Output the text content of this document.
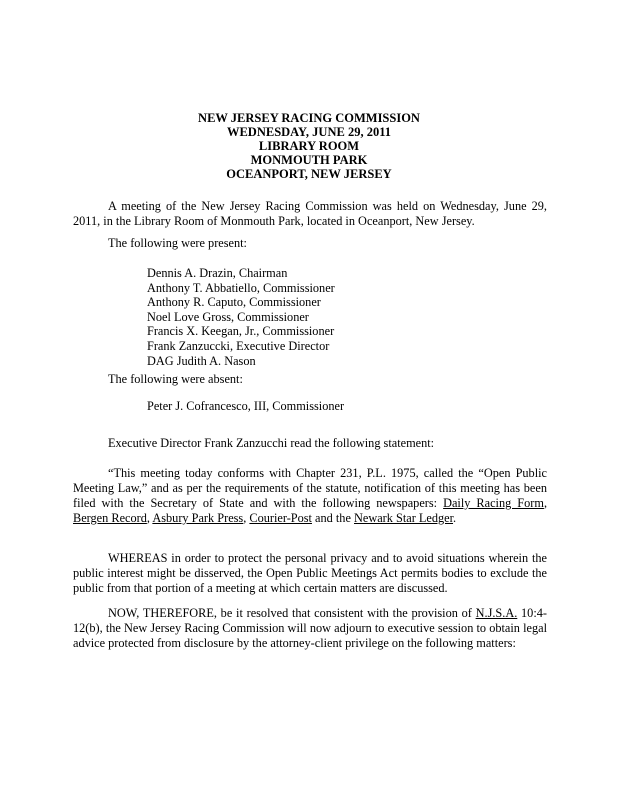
NEW JERSEY RACING COMMISSION
WEDNESDAY, JUNE 29, 2011
LIBRARY ROOM
MONMOUTH PARK
OCEANPORT, NEW JERSEY
A meeting of the New Jersey Racing Commission was held on Wednesday, June 29, 2011, in the Library Room of Monmouth Park, located in Oceanport, New Jersey.
The following were present:
Dennis A. Drazin, Chairman
Anthony T. Abbatiello, Commissioner
Anthony R. Caputo, Commissioner
Noel Love Gross, Commissioner
Francis X. Keegan, Jr., Commissioner
Frank Zanzuccki, Executive Director
DAG Judith A. Nason
The following were absent:
Peter J. Cofrancesco, III, Commissioner
Executive Director Frank Zanzucchi read the following statement:
“This meeting today conforms with Chapter 231, P.L. 1975, called the “Open Public Meeting Law,” and as per the requirements of the statute, notification of this meeting has been filed with the Secretary of State and with the following newspapers: Daily Racing Form, Bergen Record, Asbury Park Press, Courier-Post and the Newark Star Ledger.
WHEREAS in order to protect the personal privacy and to avoid situations wherein the public interest might be disserved, the Open Public Meetings Act permits bodies to exclude the public from that portion of a meeting at which certain matters are discussed.
NOW, THEREFORE, be it resolved that consistent with the provision of N.J.S.A. 10:4-12(b), the New Jersey Racing Commission will now adjourn to executive session to obtain legal advice protected from disclosure by the attorney-client privilege on the following matters:
